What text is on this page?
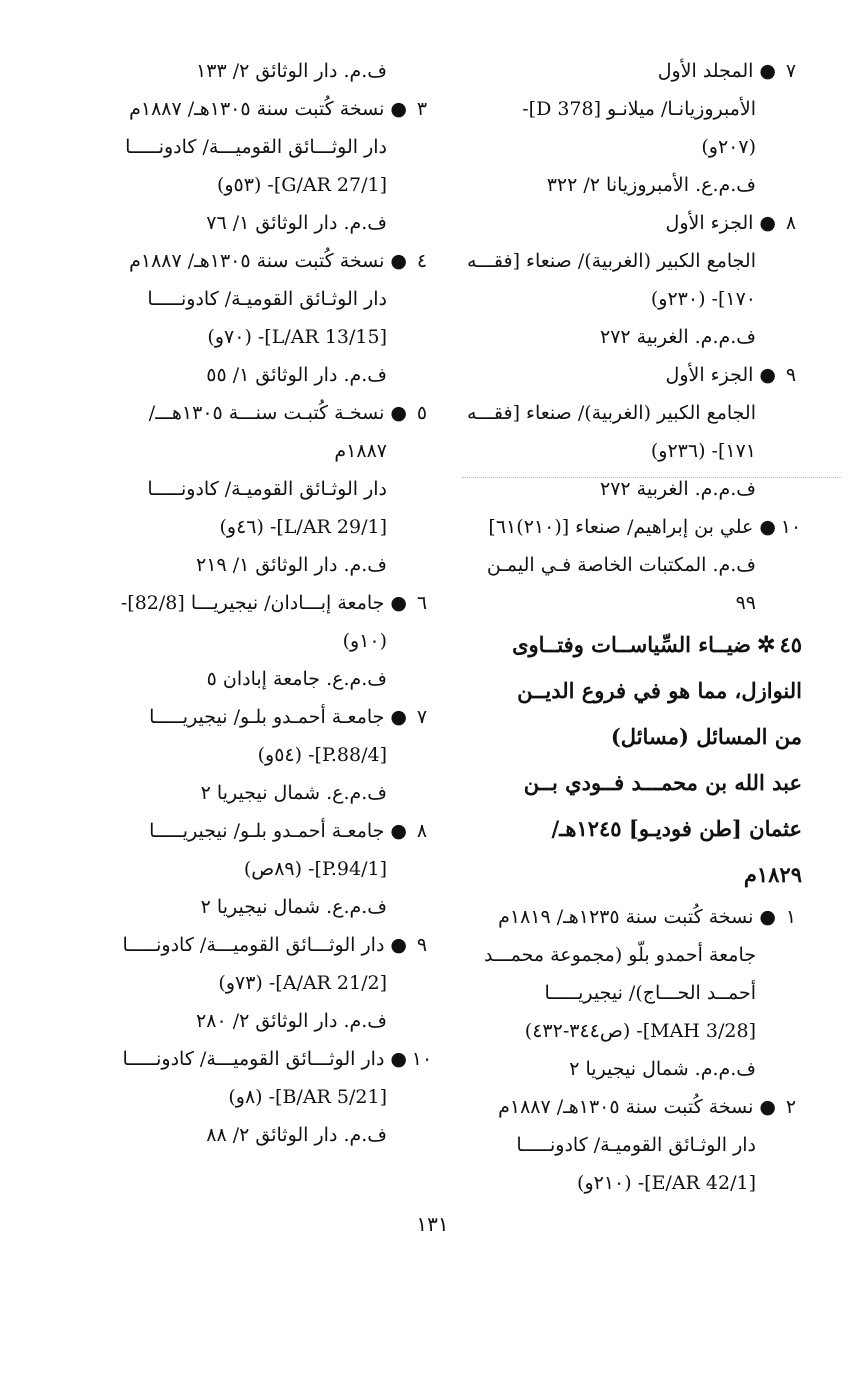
٧●المجلد الأول
الأمبروزيانـا/ ميلانـو [D 378]-
(٢٠٧و)
ف.م.ع. الأمبروزيانا ٢/ ٣٢٢
٨●الجزء الأول
الجامع الكبير (الغربية)/ صنعاء [فقـــه
١٧٠]- (٢٣٠و)
ف.م.م. الغربية ٢٧٢
٩●الجزء الأول
الجامع الكبير (الغربية)/ صنعاء [فقـــه
١٧١]- (٢٣٦و)
ف.م.م. الغربية ٢٧٢
١٠●علي بن إبراهيم/ صنعاء [(٢١٠)٦١]
ف.م. المكتبات الخاصة فـي اليمـن
٩٩
٤٥✲ضيــاء السِّياســات وفتــاوى
النوازل، مما هو في فروع الديــن
من المسائل (مسائل)
عبد الله بن محمـــد فــودي بــن
عثمان [طن فوديـو] ١٢٤٥هـ/
١٨٢٩م
١●نسخة كُتبت سنة ١٢٣٥هـ/ ١٨١٩م
جامعة أحمدو بلّو (مجموعة محمـــد
أحمــد الحـــاج)/ نيجيريـــــا
[MAH 3/28]- (ص٣٤٤-٤٣٢)
ف.م.م. شمال نيجيريا ٢
٢●نسخة كُتبت سنة ١٣٠٥هـ/ ١٨٨٧م
دار الوثـائق القوميـة/ كادونـــــا
[E/AR 42/1]- (٢١٠و)
ف.م. دار الوثائق ٢/ ١٣٣
٣●نسخة كُتبت سنة ١٣٠٥هـ/ ١٨٨٧م
دار الوثـــائق القوميـــة/ كادونـــــا
[G/AR 27/1]- (٥٣و)
ف.م. دار الوثائق ١/ ٧٦
٤●نسخة كُتبت سنة ١٣٠٥هـ/ ١٨٨٧م
دار الوثـائق القوميـة/ كادونـــــا
[L/AR 13/15]- (٧٠و)
ف.م. دار الوثائق ١/ ٥٥
٥●نسخـة كُتبـت سنـــة ١٣٠٥هـــ/
١٨٨٧م
دار الوثـائق القوميـة/ كادونـــــا
[L/AR 29/1]- (٤٦و)
ف.م. دار الوثائق ١/ ٢١٩
٦●جامعة إبـــادان/ نيجيريـــا [82/8]-
(١٠و)
ف.م.ع. جامعة إبادان ٥
٧●جامعـة أحمـدو بلـو/ نيجيريـــــا
[P.88/4]- (٥٤و)
ف.م.ع. شمال نيجيريا ٢
٨●جامعـة أحمـدو بلـو/ نيجيريـــــا
[P.94/1]- (٨٩ص)
ف.م.ع. شمال نيجيريا ٢
٩●دار الوثـــائق القوميـــة/ كادونـــــا
[A/AR 21/2]- (٧٣و)
ف.م. دار الوثائق ٢/ ٢٨٠
١٠●دار الوثـــائق القوميـــة/ كادونـــــا
[B/AR 5/21]- (٨و)
ف.م. دار الوثائق ٢/ ٨٨
١٣١
